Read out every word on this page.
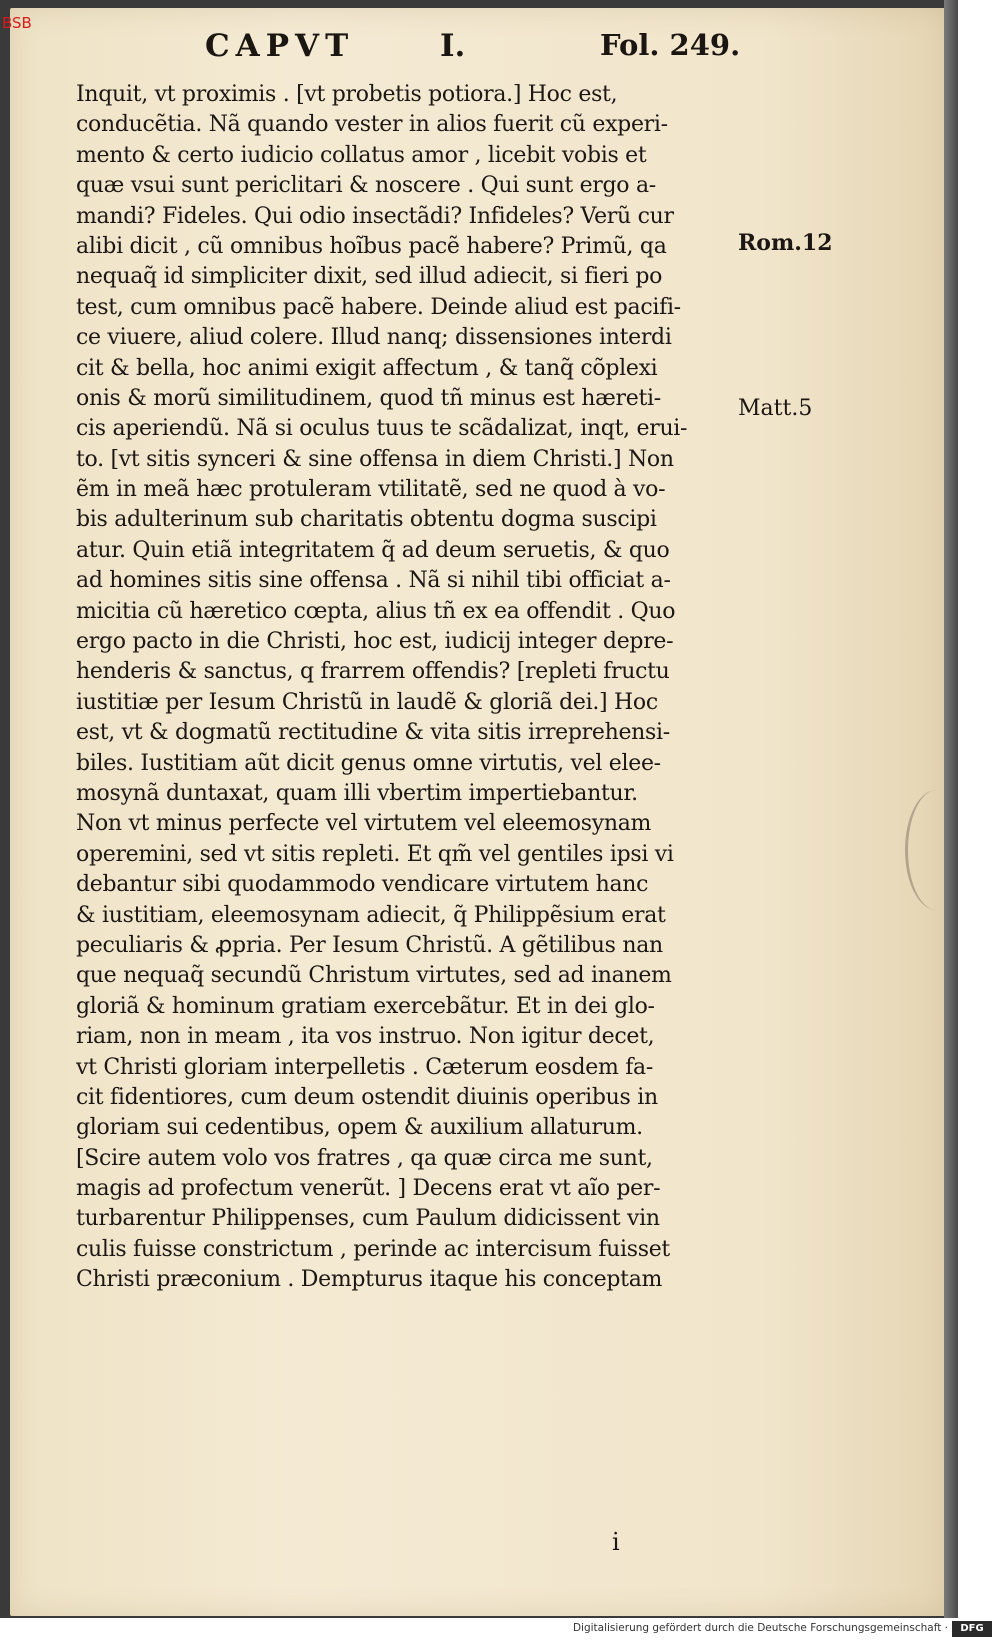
BSB
CAPVT	I.	Fol. 249.
Inquit, vt proximis . [vt probetis potiora.] Hoc est,
conducẽtia. Nã quando vester in alios fuerit cũ experi-
mento & certo iudicio collatus amor , licebit vobis et
quæ vsui sunt periclitari & noscere . Qui sunt ergo a-
mandi? Fideles. Qui odio insectãdi? Infideles? Verũ cur
alibi dicit , cũ omnibus hoĩbus pacẽ habere? Primũ, qa
nequaq̃ id simpliciter dixit, sed illud adiecit, si fieri po
test, cum omnibus pacẽ habere. Deinde aliud est pacifi-
ce viuere, aliud colere. Illud nanq; dissensiones interdi
cit & bella, hoc animi exigit affectum , & tanq̃ cõplexi
onis & morũ similitudinem, quod tñ minus est hæreti-
cis aperiendũ. Nã si oculus tuus te scãdalizat, inqt, erui-
to. [vt sitis synceri & sine offensa in diem Christi.] Non
ẽm in meã hæc protuleram vtilitatẽ, sed ne quod à vo-
bis adulterinum sub charitatis obtentu dogma suscipi
atur. Quin etiã integritatem q̃ ad deum seruetis, & quo
ad homines sitis sine offensa . Nã si nihil tibi officiat a-
micitia cũ hæretico cœpta, alius tñ ex ea offendit . Quo
ergo pacto in die Christi, hoc est, iudicij integer depre-
henderis & sanctus, q frarrem offendis? [repleti fructu
iustitiæ per Iesum Christũ in laudẽ & gloriã dei.] Hoc
est, vt & dogmatũ rectitudine & vita sitis irreprehensi-
biles. Iustitiam aũt dicit genus omne virtutis, vel elee-
mosynã duntaxat, quam illi vbertim impertiebantur.
Non vt minus perfecte vel virtutem vel eleemosynam
operemini, sed vt sitis repleti. Et qm̃ vel gentiles ipsi vi
debantur sibi quodammodo vendicare virtutem hanc
& iustitiam, eleemosynam adiecit, q̃ Philippẽsium erat
peculiaris & ꝓpria. Per Iesum Christũ. A gẽtilibus nan
que nequaq̃ secundũ Christum virtutes, sed ad inanem
gloriã & hominum gratiam exercebãtur. Et in dei glo-
riam, non in meam , ita vos instruo. Non igitur decet,
vt Christi gloriam interpelletis . Cæterum eosdem fa-
cit fidentiores, cum deum ostendit diuinis operibus in
gloriam sui cedentibus, opem & auxilium allaturum.
[Scire autem volo vos fratres , qa quæ circa me sunt,
magis ad profectum venerũt. ] Decens erat vt aĩo per-
turbarentur Philippenses, cum Paulum didicissent vin
culis fuisse constrictum , perinde ac intercisum fuisset
Christi præconium . Dempturus itaque his conceptam
Rom.12
Matt.5
i
Digitalisierung gefördert durch die Deutsche Forschungsgemeinschaft ·	DFG
